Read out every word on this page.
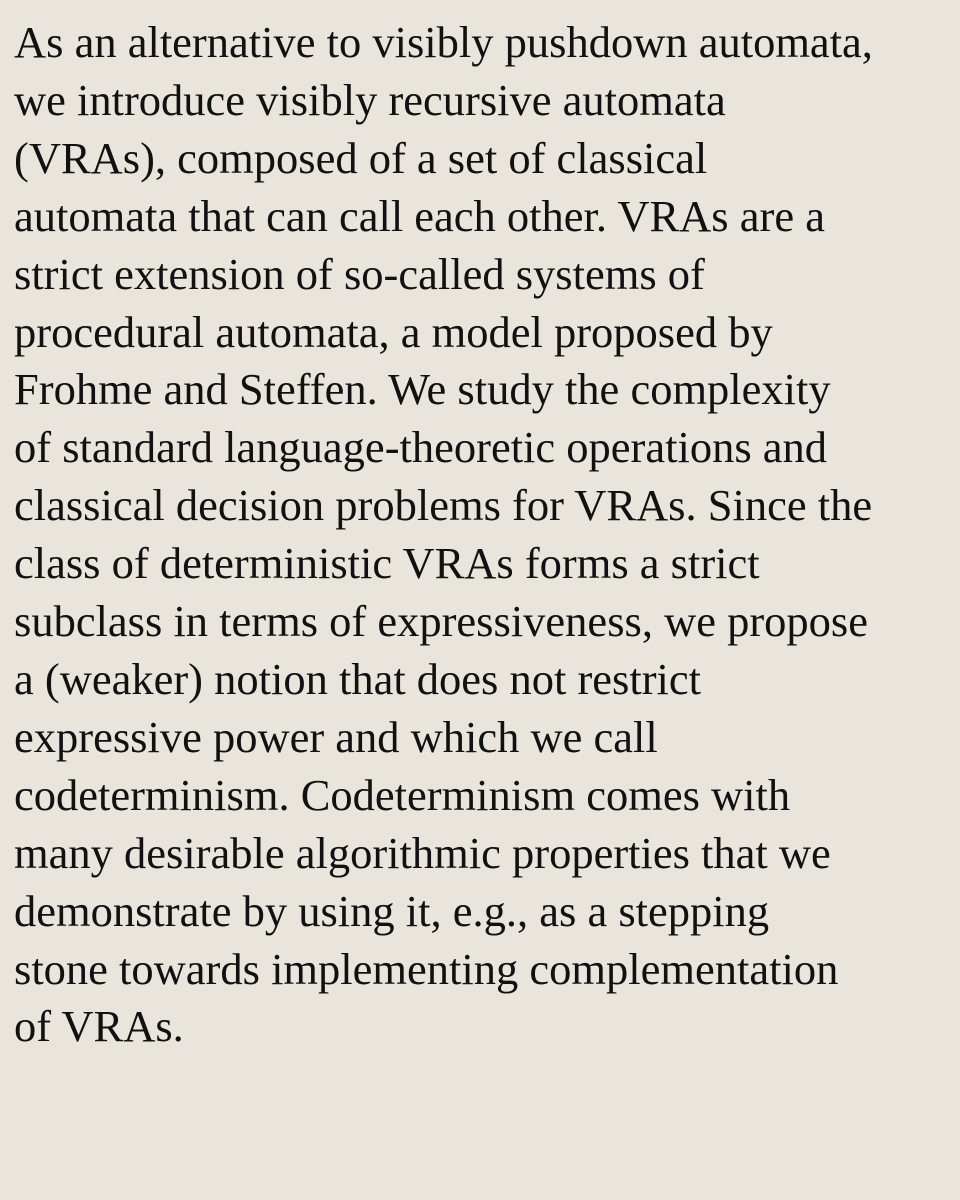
As an alternative to visibly pushdown automata,
we introduce visibly recursive automata
(VRAs), composed of a set of classical
automata that can call each other. VRAs are a
strict extension of so-called systems of
procedural automata, a model proposed by
Frohme and Steffen. We study the complexity
of standard language-theoretic operations and
classical decision problems for VRAs. Since the
class of deterministic VRAs forms a strict
subclass in terms of expressiveness, we propose
a (weaker) notion that does not restrict
expressive power and which we call
codeterminism. Codeterminism comes with
many desirable algorithmic properties that we
demonstrate by using it, e.g., as a stepping
stone towards implementing complementation
of VRAs.
